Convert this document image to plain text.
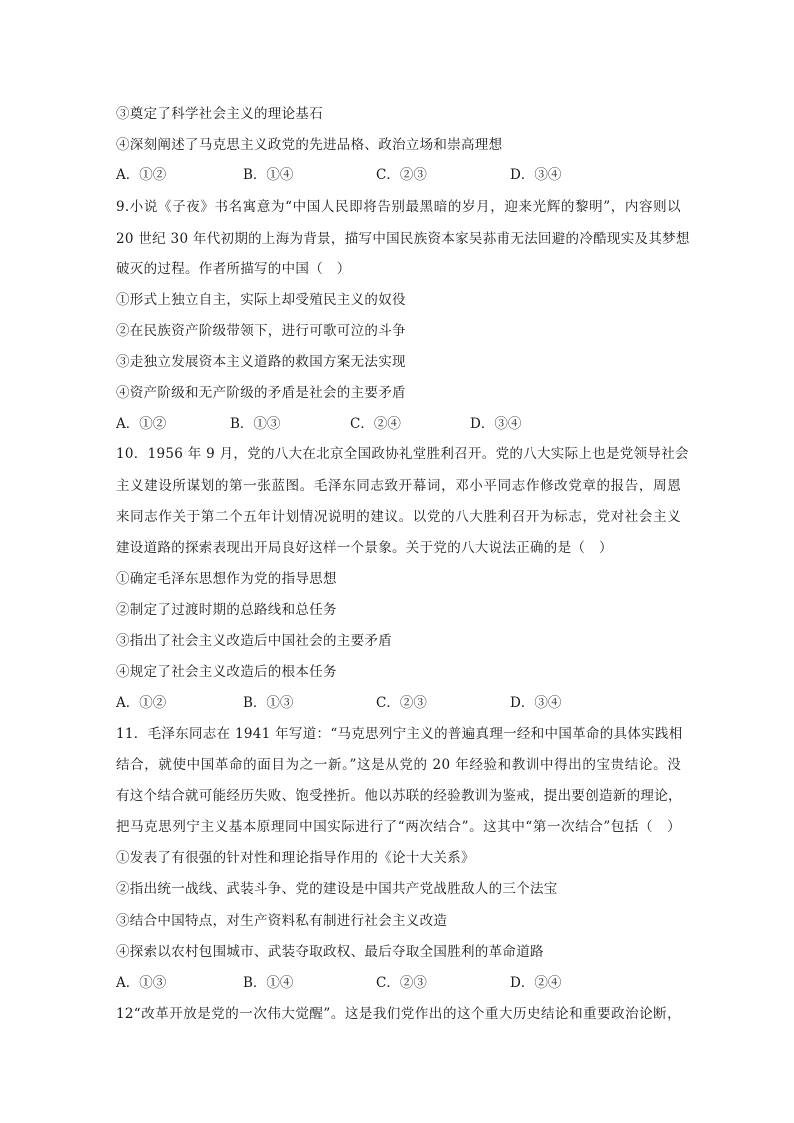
③奠定了科学社会主义的理论基石
④深刻阐述了马克思主义政党的先进品格、政治立场和崇高理想
A．①②	B．①④	C．②③	D．③④
9.小说《子夜》书名寓意为“中国人民即将告别最黑暗的岁月，迎来光辉的黎明”，内容则以
20 世纪 30 年代初期的上海为背景，描写中国民族资本家吴荪甫无法回避的冷酷现实及其梦想
破灭的过程。作者所描写的中国（　）
①形式上独立自主，实际上却受殖民主义的奴役
②在民族资产阶级带领下，进行可歌可泣的斗争
③走独立发展资本主义道路的救国方案无法实现
④资产阶级和无产阶级的矛盾是社会的主要矛盾
A．①②	B．①③	C．②④	D．③④
10．1956 年 9 月，党的八大在北京全国政协礼堂胜利召开。党的八大实际上也是党领导社会
主义建设所谋划的第一张蓝图。毛泽东同志致开幕词，邓小平同志作修改党章的报告，周恩
来同志作关于第二个五年计划情况说明的建议。以党的八大胜利召开为标志，党对社会主义
建设道路的探索表现出开局良好这样一个景象。关于党的八大说法正确的是（　）
①确定毛泽东思想作为党的指导思想
②制定了过渡时期的总路线和总任务
③指出了社会主义改造后中国社会的主要矛盾
④规定了社会主义改造后的根本任务
A．①②	B．①③	C．②③	D．③④
11．毛泽东同志在 1941 年写道：“马克思列宁主义的普遍真理一经和中国革命的具体实践相
结合，就使中国革命的面目为之一新。”这是从党的 20 年经验和教训中得出的宝贵结论。没
有这个结合就可能经历失败、饱受挫折。他以苏联的经验教训为鉴戒，提出要创造新的理论，
把马克思列宁主义基本原理同中国实际进行了“两次结合”。这其中“第一次结合”包括（　）
①发表了有很强的针对性和理论指导作用的《论十大关系》
②指出统一战线、武装斗争、党的建设是中国共产党战胜敌人的三个法宝
③结合中国特点，对生产资料私有制进行社会主义改造
④探索以农村包围城市、武装夺取政权、最后夺取全国胜利的革命道路
A．①③	B．①④	C．②③	D．②④
12“改革开放是党的一次伟大觉醒”。这是我们党作出的这个重大历史结论和重要政治论断，
